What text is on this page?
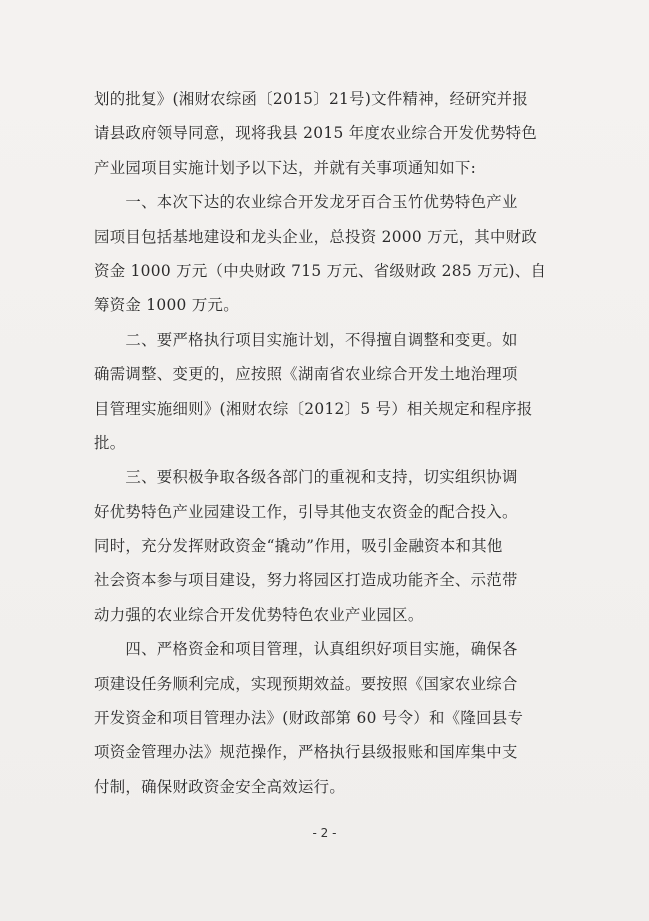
划的批复》(湘财农综函〔2015〕21号)文件精神，经研究并报
请县政府领导同意，现将我县 2015 年度农业综合开发优势特色
产业园项目实施计划予以下达，并就有关事项通知如下:
　　一、本次下达的农业综合开发龙牙百合玉竹优势特色产业
园项目包括基地建设和龙头企业，总投资 2000 万元，其中财政
资金 1000 万元（中央财政 715 万元、省级财政 285 万元)、自
筹资金 1000 万元。
　　二、要严格执行项目实施计划，不得擅自调整和变更。如
确需调整、变更的，应按照《湖南省农业综合开发土地治理项
目管理实施细则》(湘财农综〔2012〕5 号）相关规定和程序报
批。
　　三、要积极争取各级各部门的重视和支持，切实组织协调
好优势特色产业园建设工作，引导其他支农资金的配合投入。
同时，充分发挥财政资金“撬动”作用，吸引金融资本和其他
社会资本参与项目建设，努力将园区打造成功能齐全、示范带
动力强的农业综合开发优势特色农业产业园区。
　　四、严格资金和项目管理，认真组织好项目实施，确保各
项建设任务顺利完成，实现预期效益。要按照《国家农业综合
开发资金和项目管理办法》(财政部第 60 号令）和《隆回县专
项资金管理办法》规范操作，严格执行县级报账和国库集中支
付制，确保财政资金安全高效运行。
- 2 -
